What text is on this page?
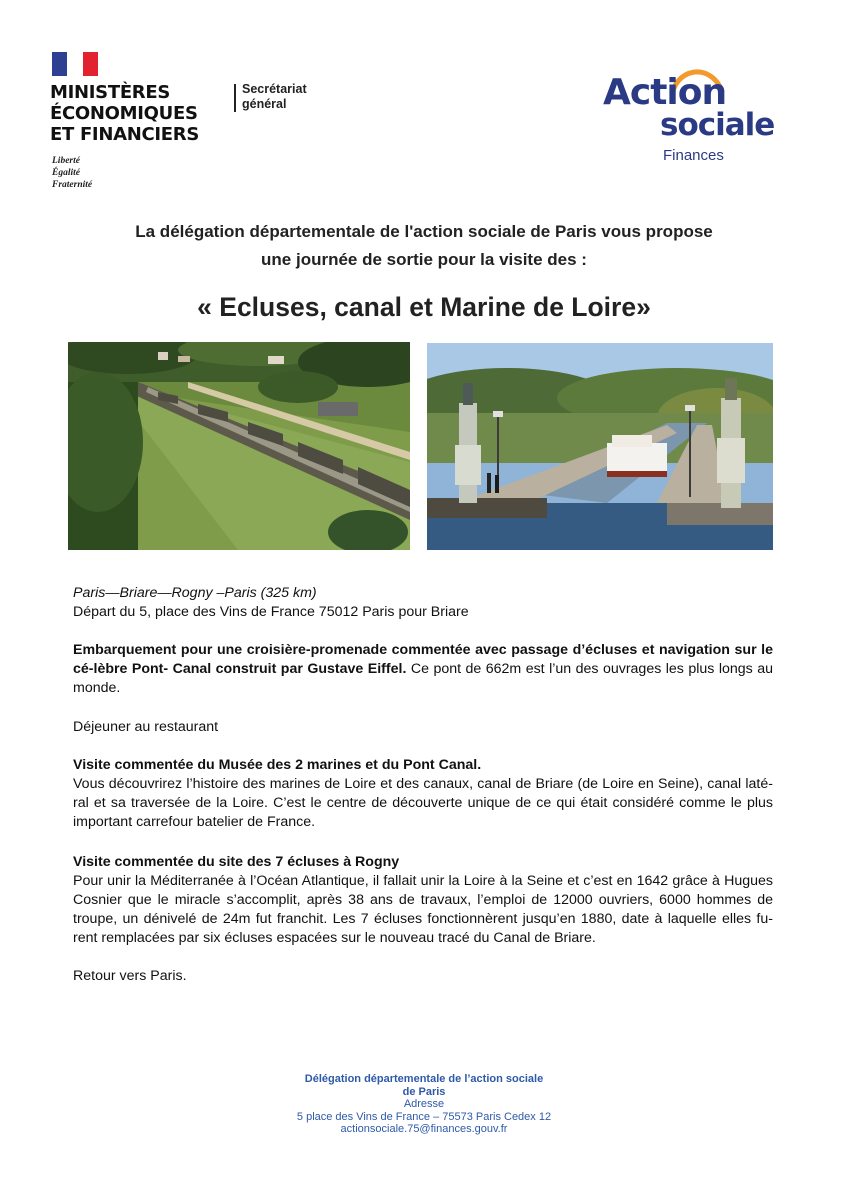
MINISTÈRES
ÉCONOMIQUES
ET FINANCIERS
Liberté
Égalité
Fraternité
Secrétariat
général	Action
sociale
Finances
La délégation départementale de l'action sociale de Paris vous propose
une journée de sortie pour la visite des :
« Ecluses, canal et Marine de Loire»

Paris—Briare—Rogny –Paris (325 km)

Départ du 5, place des Vins de France 75012 Paris pour Briare

Embarquement pour une croisière-promenade commentée avec passage d’écluses et navigation sur le cé-lèbre Pont- Canal construit par Gustave Eiffel. Ce pont de 662m est l’un des ouvrages les plus longs au monde.

Déjeuner au restaurant

Visite commentée du Musée des 2 marines et du Pont Canal.

Vous découvrirez l’histoire des marines de Loire et des canaux, canal de Briare (de Loire en Seine), canal laté-ral et sa traversée de la Loire. C’est le centre de découverte unique de ce qui était considéré comme le plus important carrefour batelier de France.

Visite commentée du site des 7 écluses à Rogny

Pour unir la Méditerranée à l’Océan Atlantique, il fallait unir la Loire à la Seine et c’est en 1642 grâce à Hugues Cosnier que le miracle s’accomplit, après 38 ans de travaux, l’emploi de 12000 ouvriers, 6000 hommes de troupe, un dénivelé de 24m fut franchit. Les 7 écluses fonctionnèrent jusqu’en 1880, date à laquelle elles fu-rent remplacées par six écluses espacées sur le nouveau tracé du Canal de Briare.

Retour vers Paris.

Délégation départementale de l’action sociale
de Paris
Adresse
5 place des Vins de France – 75573 Paris Cedex 12
actionsociale.75@finances.gouv.fr
